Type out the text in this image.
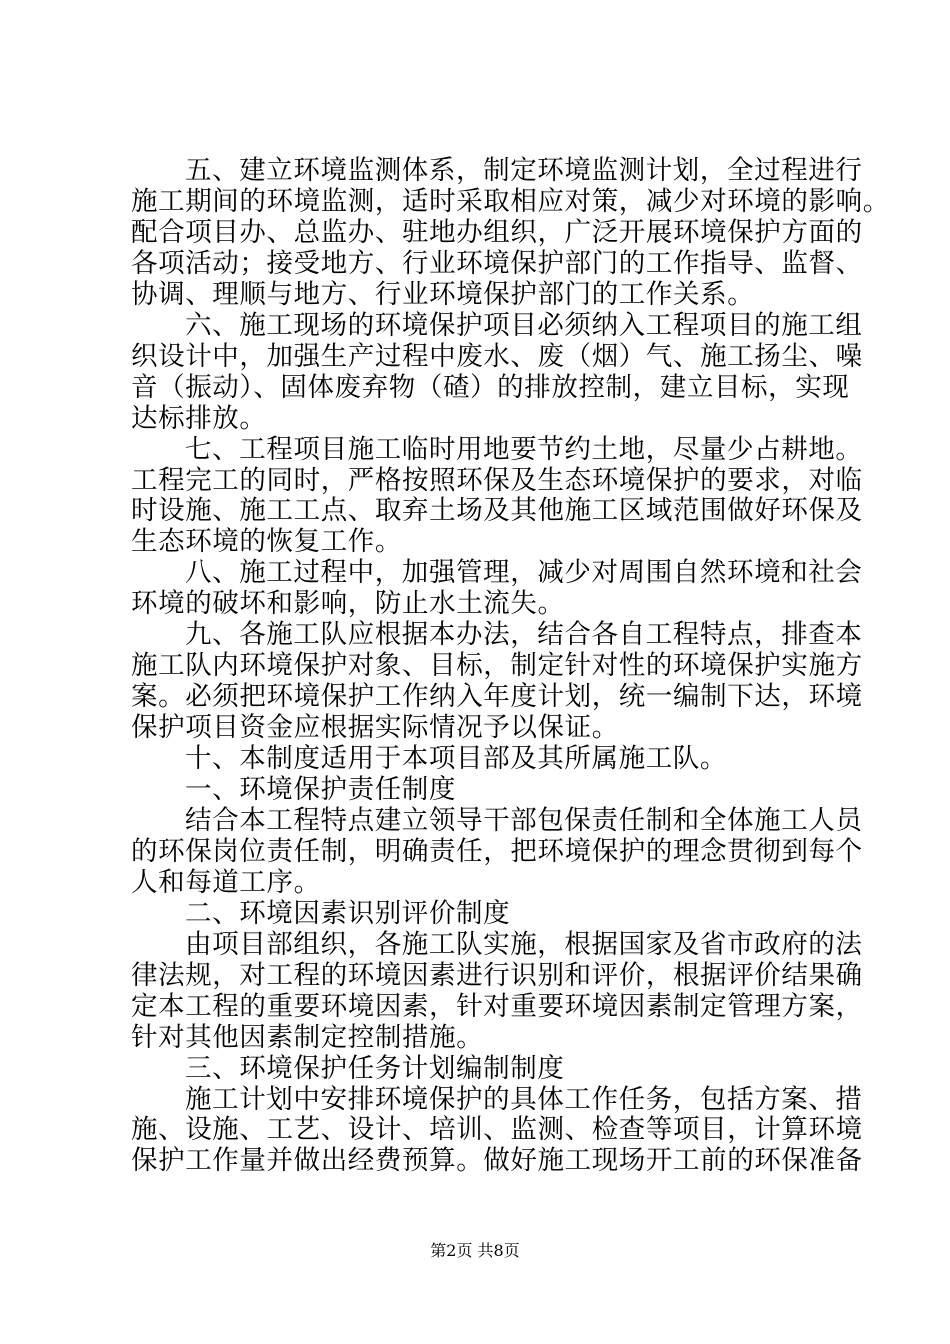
五、建立环境监测体系，制定环境监测计划，全过程进行
施工期间的环境监测，适时采取相应对策，减少对环境的影响。
配合项目办、总监办、驻地办组织，广泛开展环境保护方面的
各项活动；接受地方、行业环境保护部门的工作指导、监督、
协调、理顺与地方、行业环境保护部门的工作关系。
六、施工现场的环境保护项目必须纳入工程项目的施工组
织设计中，加强生产过程中废水、废（烟）气、施工扬尘、噪
音（振动）、固体废弃物（碴）的排放控制，建立目标，实现
达标排放。
七、工程项目施工临时用地要节约土地，尽量少占耕地。
工程完工的同时，严格按照环保及生态环境保护的要求，对临
时设施、施工工点、取弃土场及其他施工区域范围做好环保及
生态环境的恢复工作。
八、施工过程中，加强管理，减少对周围自然环境和社会
环境的破坏和影响，防止水土流失。
九、各施工队应根据本办法，结合各自工程特点，排查本
施工队内环境保护对象、目标，制定针对性的环境保护实施方
案。必须把环境保护工作纳入年度计划，统一编制下达，环境
保护项目资金应根据实际情况予以保证。
十、本制度适用于本项目部及其所属施工队。
一、环境保护责任制度
结合本工程特点建立领导干部包保责任制和全体施工人员
的环保岗位责任制，明确责任，把环境保护的理念贯彻到每个
人和每道工序。
二、环境因素识别评价制度
由项目部组织，各施工队实施，根据国家及省市政府的法
律法规，对工程的环境因素进行识别和评价，根据评价结果确
定本工程的重要环境因素，针对重要环境因素制定管理方案，
针对其他因素制定控制措施。
三、环境保护任务计划编制制度
施工计划中安排环境保护的具体工作任务，包括方案、措
施、设施、工艺、设计、培训、监测、检查等项目，计算环境
保护工作量并做出经费预算。做好施工现场开工前的环保准备
第2页 共8页
